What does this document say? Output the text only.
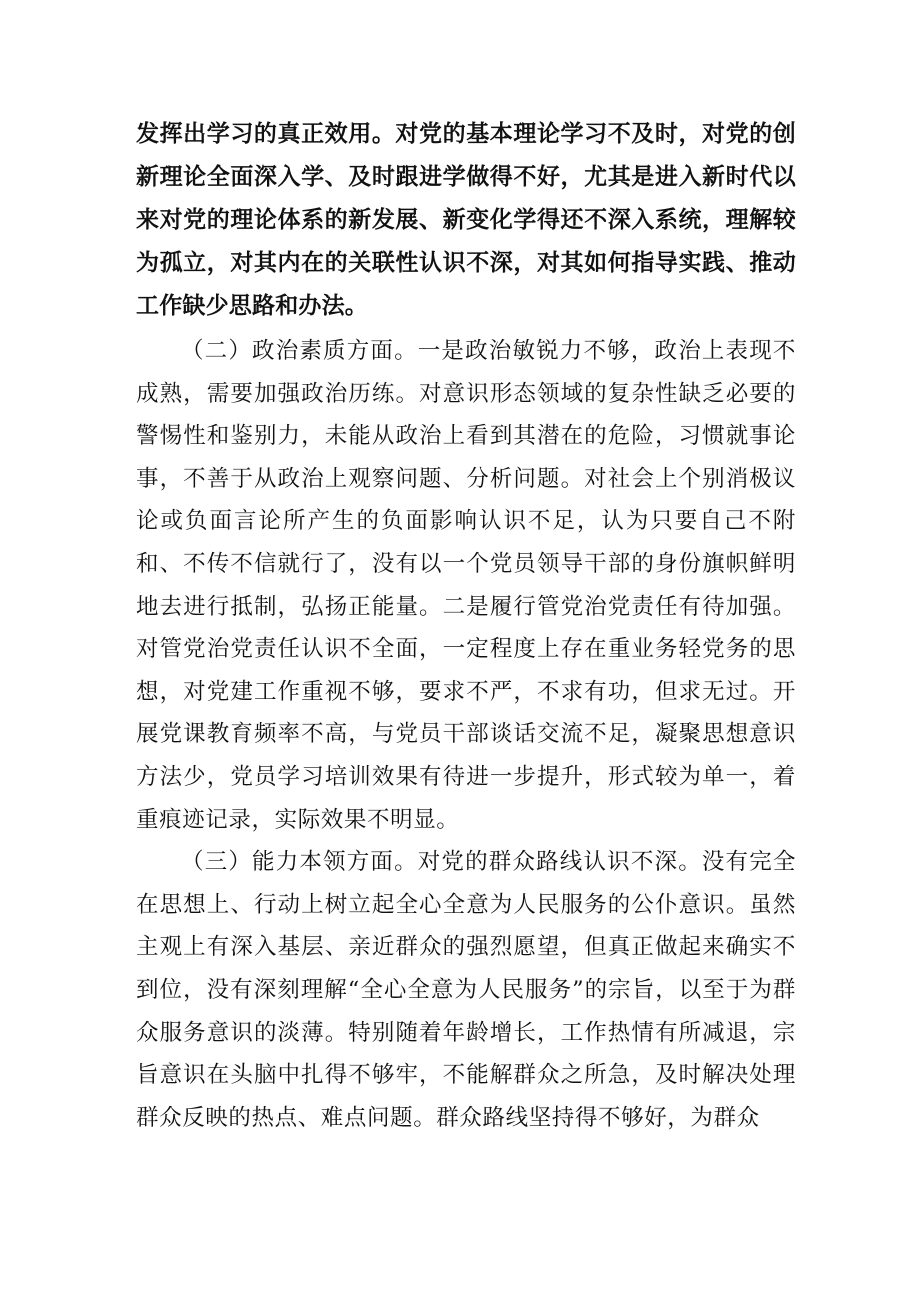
发挥出学习的真正效用。对党的基本理论学习不及时，对党的创新理论全面深入学、及时跟进学做得不好，尤其是进入新时代以来对党的理论体系的新发展、新变化学得还不深入系统，理解较为孤立，对其内在的关联性认识不深，对其如何指导实践、推动工作缺少思路和办法。

（二）政治素质方面。一是政治敏锐力不够，政治上表现不成熟，需要加强政治历练。对意识形态领域的复杂性缺乏必要的警惕性和鉴别力，未能从政治上看到其潜在的危险，习惯就事论事，不善于从政治上观察问题、分析问题。对社会上个别消极议论或负面言论所产生的负面影响认识不足，认为只要自己不附和、不传不信就行了，没有以一个党员领导干部的身份旗帜鲜明地去进行抵制，弘扬正能量。二是履行管党治党责任有待加强。对管党治党责任认识不全面，一定程度上存在重业务轻党务的思想，对党建工作重视不够，要求不严，不求有功，但求无过。开展党课教育频率不高，与党员干部谈话交流不足，凝聚思想意识方法少，党员学习培训效果有待进一步提升，形式较为单一，着重痕迹记录，实际效果不明显。

（三）能力本领方面。对党的群众路线认识不深。没有完全在思想上、行动上树立起全心全意为人民服务的公仆意识。虽然主观上有深入基层、亲近群众的强烈愿望，但真正做起来确实不到位，没有深刻理解“全心全意为人民服务”的宗旨，以至于为群众服务意识的淡薄。特别随着年龄增长，工作热情有所减退，宗旨意识在头脑中扎得不够牢，不能解群众之所急，及时解决处理群众反映的热点、难点问题。群众路线坚持得不够好，为群众
